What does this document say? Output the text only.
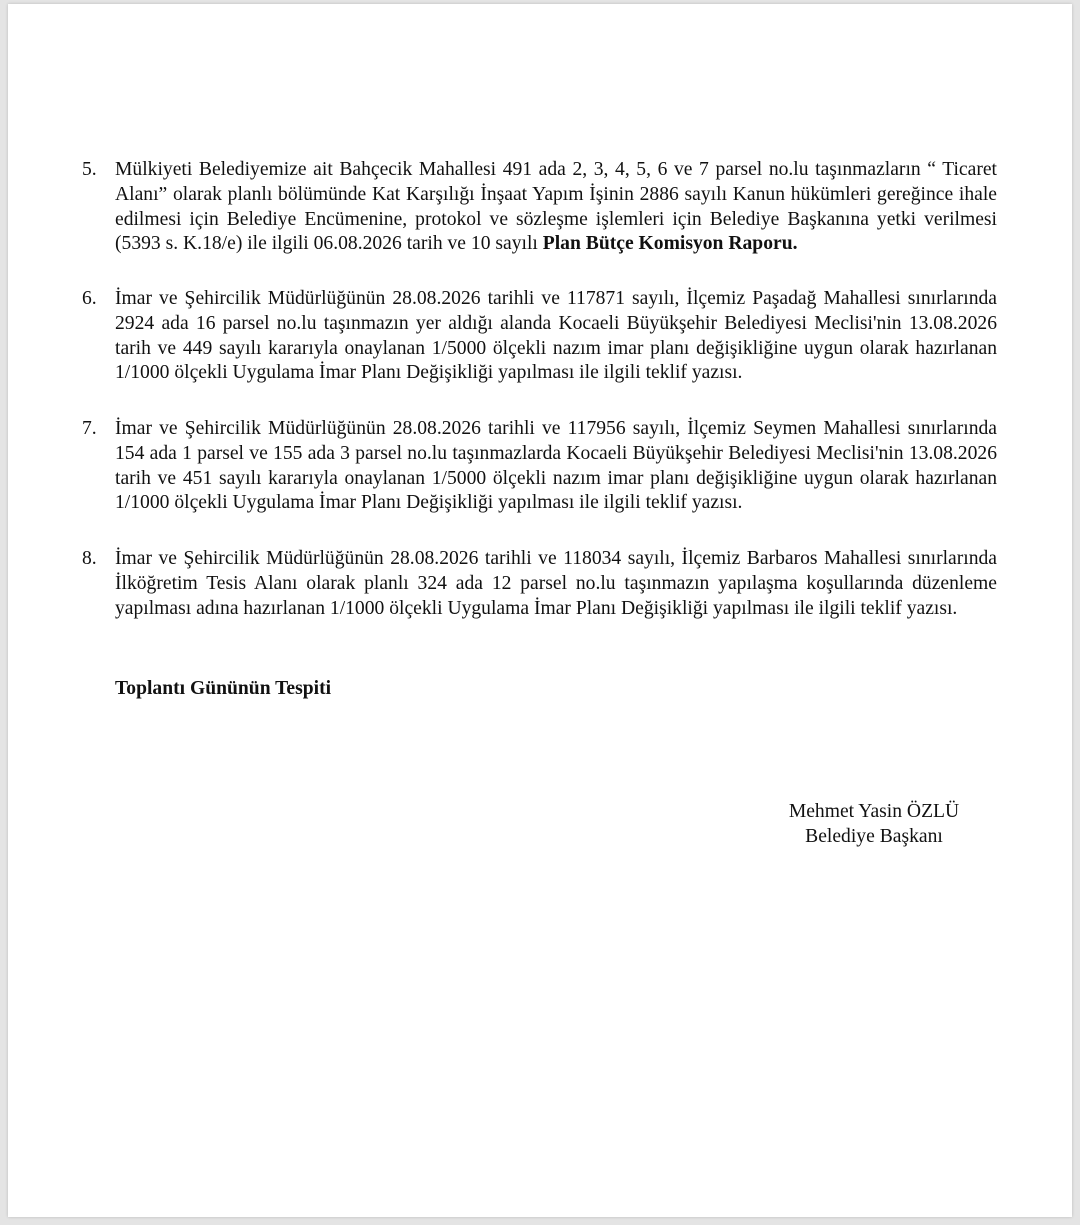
5. Mülkiyeti Belediyemize ait Bahçecik Mahallesi 491 ada 2, 3, 4, 5, 6 ve 7 parsel no.lu taşınmazların “ Ticaret Alanı” olarak planlı bölümünde Kat Karşılığı İnşaat Yapım İşinin 2886 sayılı Kanun hükümleri gereğince ihale edilmesi için Belediye Encümenine, protokol ve sözleşme işlemleri için Belediye Başkanına yetki verilmesi (5393 s. K.18/e) ile ilgili 06.08.2026 tarih ve 10 sayılı Plan Bütçe Komisyon Raporu.
6. İmar ve Şehircilik Müdürlüğünün 28.08.2026 tarihli ve 117871 sayılı, İlçemiz Paşadağ Mahallesi sınırlarında 2924 ada 16 parsel no.lu taşınmazın yer aldığı alanda Kocaeli Büyükşehir Belediyesi Meclisi'nin 13.08.2026 tarih ve 449 sayılı kararıyla onaylanan 1/5000 ölçekli nazım imar planı değişikliğine uygun olarak hazırlanan 1/1000 ölçekli Uygulama İmar Planı Değişikliği yapılması ile ilgili teklif yazısı.
7. İmar ve Şehircilik Müdürlüğünün 28.08.2026 tarihli ve 117956 sayılı, İlçemiz Seymen Mahallesi sınırlarında 154 ada 1 parsel ve 155 ada 3 parsel no.lu taşınmazlarda Kocaeli Büyükşehir Belediyesi Meclisi'nin 13.08.2026 tarih ve 451 sayılı kararıyla onaylanan 1/5000 ölçekli nazım imar planı değişikliğine uygun olarak hazırlanan 1/1000 ölçekli Uygulama İmar Planı Değişikliği yapılması ile ilgili teklif yazısı.
8. İmar ve Şehircilik Müdürlüğünün 28.08.2026 tarihli ve 118034 sayılı, İlçemiz Barbaros Mahallesi sınırlarında İlköğretim Tesis Alanı olarak planlı 324 ada 12 parsel no.lu taşınmazın yapılaşma koşullarında düzenleme yapılması adına hazırlanan 1/1000 ölçekli Uygulama İmar Planı Değişikliği yapılması ile ilgili teklif yazısı.
Toplantı Gününün Tespiti
Mehmet Yasin ÖZLÜ
Belediye Başkanı
